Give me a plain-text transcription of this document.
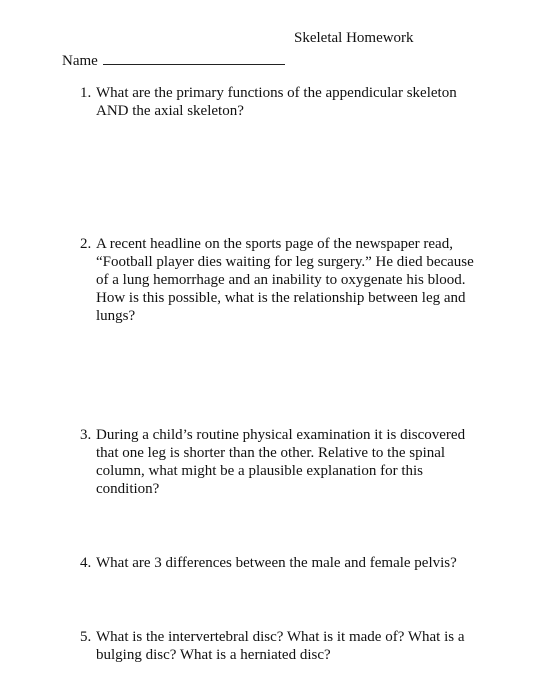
Skeletal Homework
Name
1. What are the primary functions of the appendicular skeleton AND the axial skeleton?
2. A recent headline on the sports page of the newspaper read, “Football player dies waiting for leg surgery.” He died because of a lung hemorrhage and an inability to oxygenate his blood. How is this possible, what is the relationship between leg and lungs?
3. During a child’s routine physical examination it is discovered that one leg is shorter than the other. Relative to the spinal column, what might be a plausible explanation for this condition?
4. What are 3 differences between the male and female pelvis?
5. What is the intervertebral disc? What is it made of? What is a bulging disc? What is a herniated disc?
